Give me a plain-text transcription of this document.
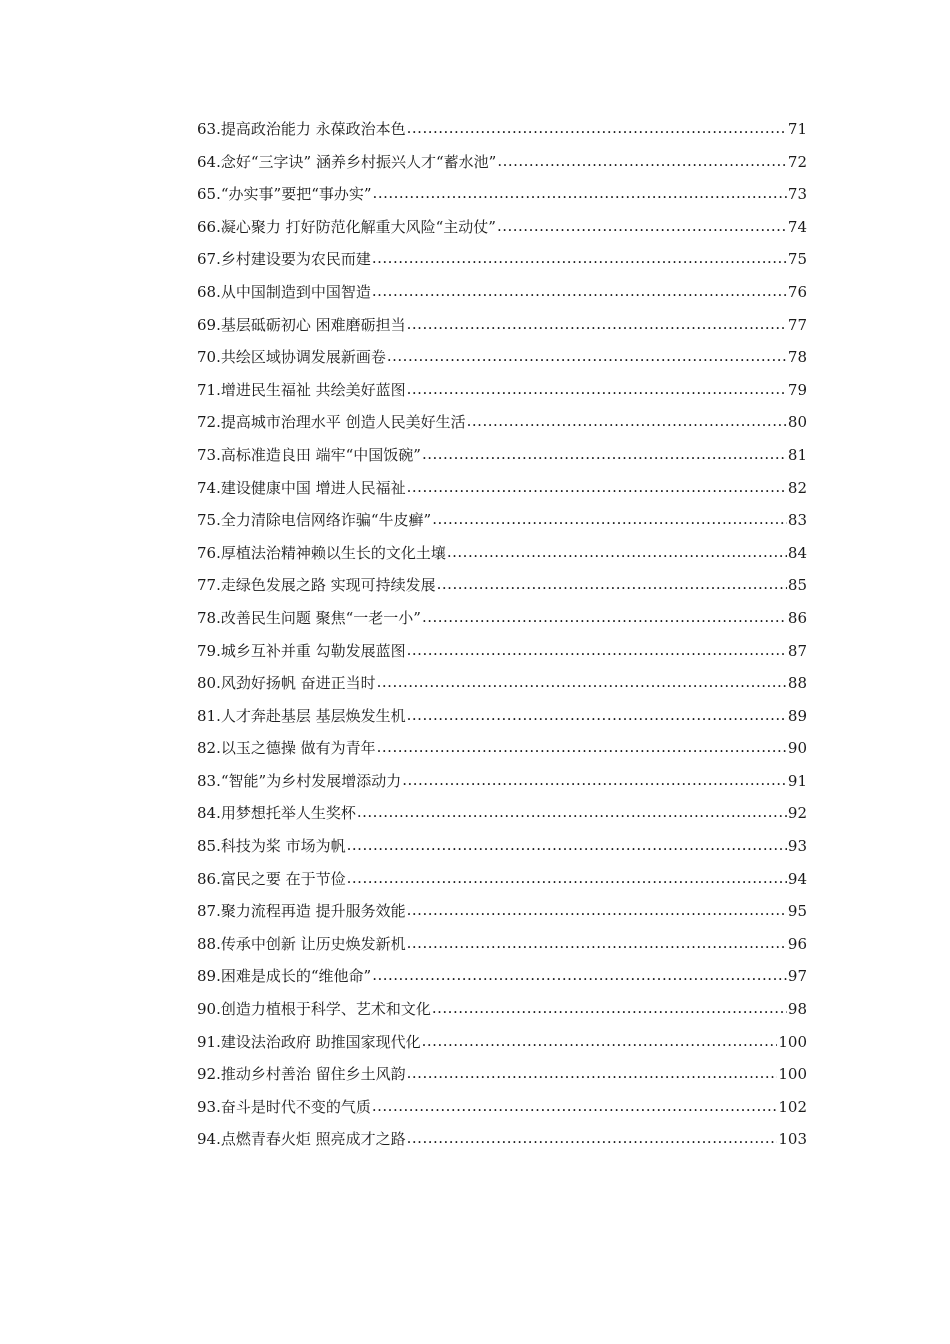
63. 提高政治能力 永葆政治本色 .....	71
64. 念好“三字诀” 涵养乡村振兴人才“蓄水池” .....	72
65. “办实事”要把“事办实” .....	73
66. 凝心聚力 打好防范化解重大风险“主动仗” .....	74
67. 乡村建设要为农民而建 .....	75
68. 从中国制造到中国智造 .....	76
69. 基层砥砺初心 困难磨砺担当 .....	77
70. 共绘区域协调发展新画卷 .....	78
71. 增进民生福祉 共绘美好蓝图 .....	79
72. 提高城市治理水平 创造人民美好生活 .....	80
73. 高标准造良田 端牢“中国饭碗” .....	81
74. 建设健康中国 增进人民福祉 .....	82
75. 全力清除电信网络诈骗“牛皮癣” .....	83
76. 厚植法治精神赖以生长的文化土壤 .....	84
77. 走绿色发展之路 实现可持续发展 .....	85
78. 改善民生问题 聚焦“一老一小” .....	86
79. 城乡互补并重 勾勒发展蓝图 .....	87
80. 风劲好扬帆 奋进正当时 .....	88
81. 人才奔赴基层 基层焕发生机 .....	89
82. 以玉之德操 做有为青年 .....	90
83. “智能”为乡村发展增添动力 .....	91
84. 用梦想托举人生奖杯 .....	92
85. 科技为桨 市场为帆 .....	93
86. 富民之要 在于节俭 .....	94
87. 聚力流程再造 提升服务效能 .....	95
88. 传承中创新 让历史焕发新机 .....	96
89. 困难是成长的“维他命” .....	97
90. 创造力植根于科学、艺术和文化 .....	98
91. 建设法治政府 助推国家现代化 .....	100
92. 推动乡村善治 留住乡土风韵 .....	100
93. 奋斗是时代不变的气质 .....	102
94. 点燃青春火炬 照亮成才之路 .....	103
